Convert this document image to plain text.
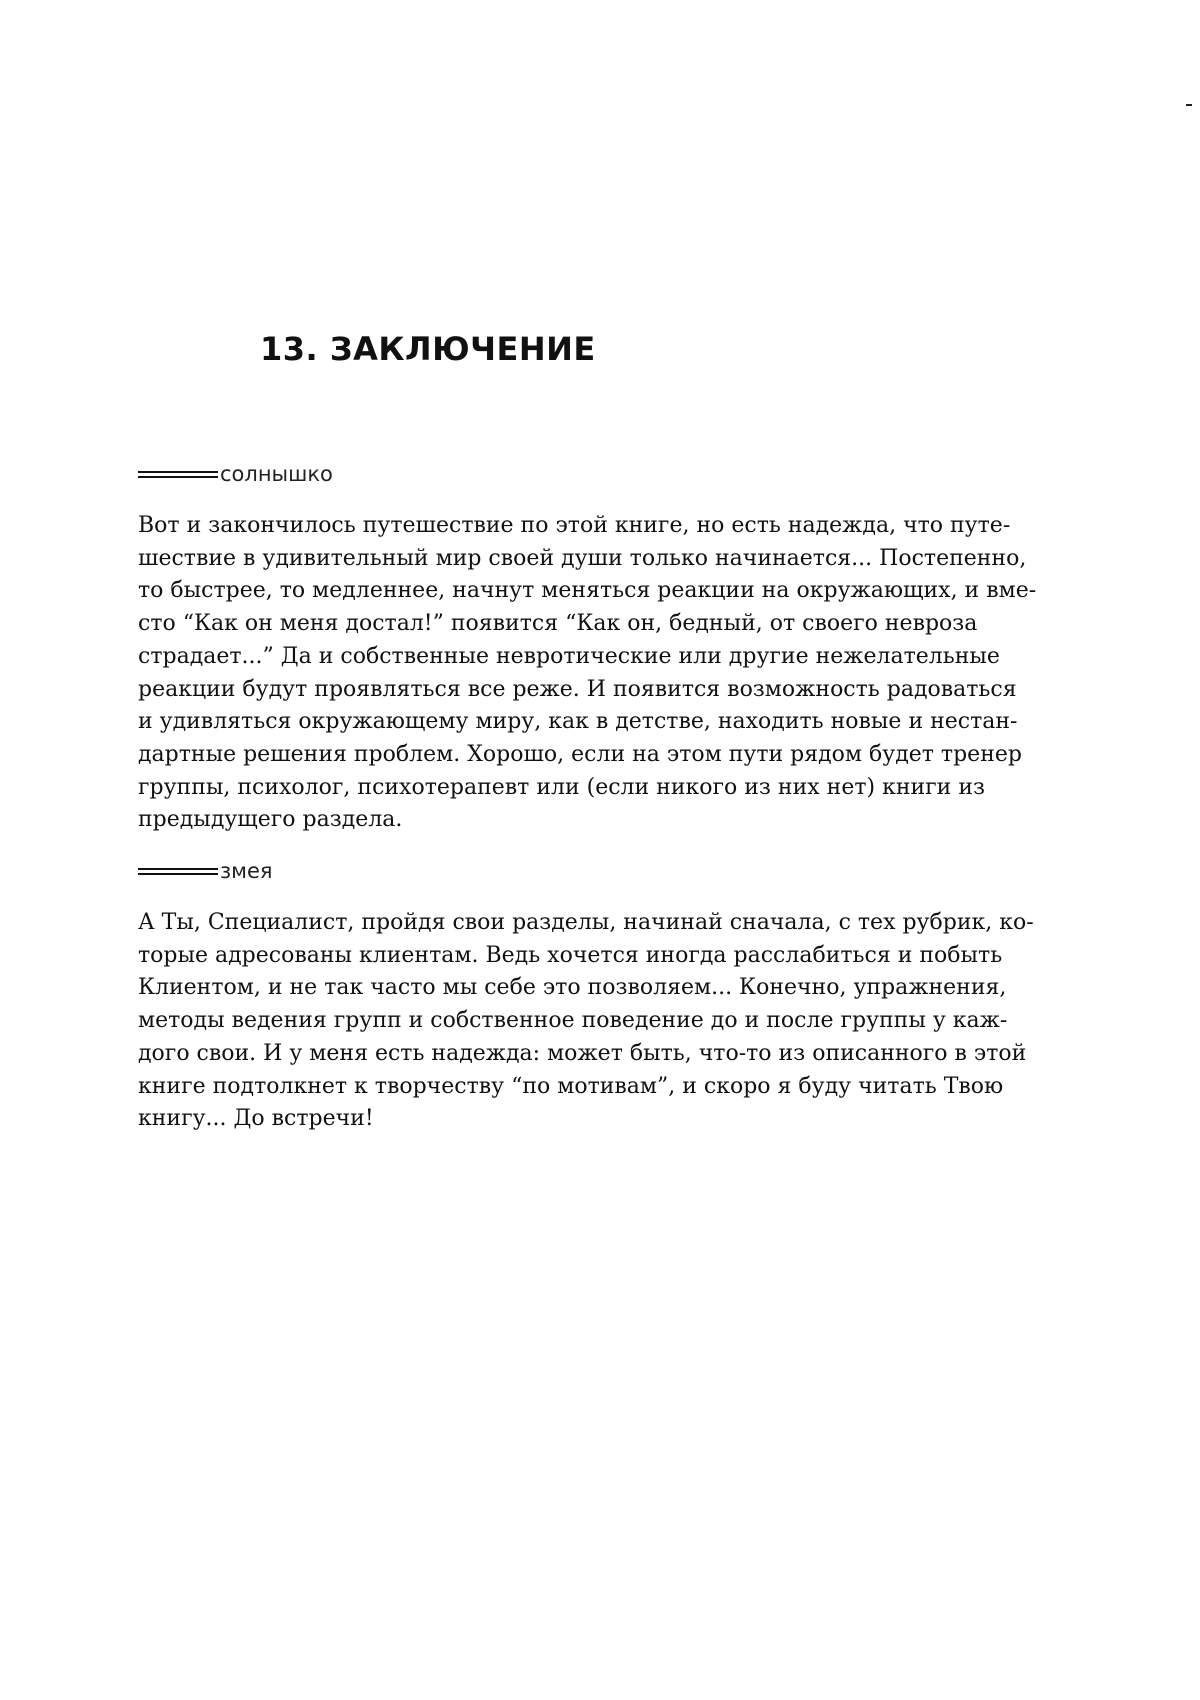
13. ЗАКЛЮЧЕНИЕ
солнышко

Вот и закончилось путешествие по этой книге, но есть надежда, что путе-
шествие в удивительный мир своей души только начинается... Постепенно,
то быстрее, то медленнее, начнут меняться реакции на окружающих, и вме-
сто “Как он меня достал!” появится “Как он, бедный, от своего невроза
страдает...” Да и собственные невротические или другие нежелательные
реакции будут проявляться все реже. И появится возможность радоваться
и удивляться окружающему миру, как в детстве, находить новые и нестан-
дартные решения проблем. Хорошо, если на этом пути рядом будет тренер
группы, психолог, психотерапевт или (если никого из них нет) книги из
предыдущего раздела.

змея

А Ты, Специалист, пройдя свои разделы, начинай сначала, с тех рубрик, ко-
торые адресованы клиентам. Ведь хочется иногда расслабиться и побыть
Клиентом, и не так часто мы себе это позволяем... Конечно, упражнения,
методы ведения групп и собственное поведение до и после группы у каж-
дого свои. И у меня есть надежда: может быть, что-то из описанного в этой
книге подтолкнет к творчеству “по мотивам”, и скоро я буду читать Твою
книгу... До встречи!
